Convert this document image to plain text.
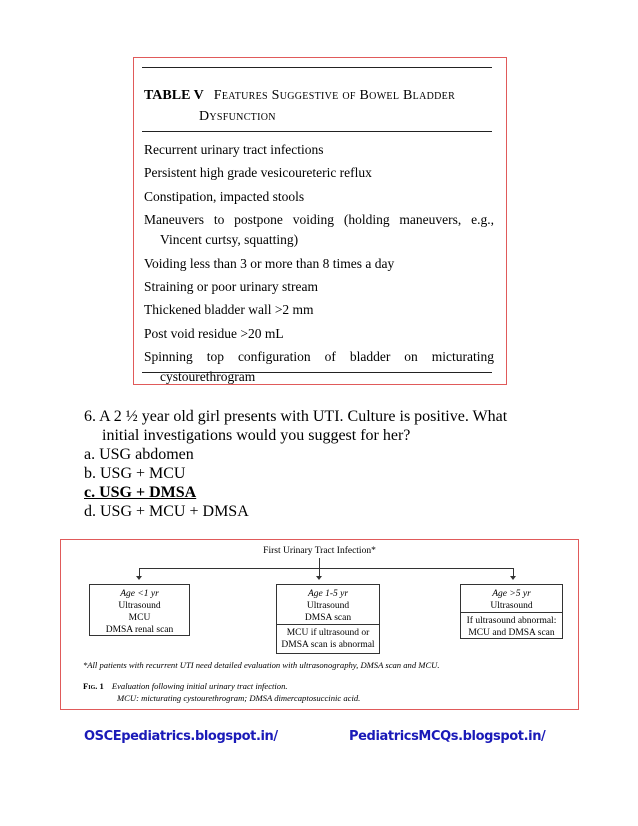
TABLE V Features Suggestive of Bowel Bladder
Dysfunction
Recurrent urinary tract infections
Persistent high grade vesicoureteric reflux
Constipation, impacted stools
Maneuvers to postpone voiding (holding maneuvers, e.g.,
Vincent curtsy, squatting)
Voiding less than 3 or more than 8 times a day
Straining or poor urinary stream
Thickened bladder wall >2 mm
Post void residue >20 mL
Spinning top configuration of bladder on micturating
cystourethrogram
6. A 2 ½ year old girl presents with UTI. Culture is positive. What
initial investigations would you suggest for her?
a. USG abdomen
b. USG + MCU
c. USG + DMSA
d. USG + MCU + DMSA
First Urinary Tract Infection*
Age <1 yr
Ultrasound
MCU
DMSA renal scan
Age 1-5 yr
Ultrasound
DMSA scan
MCU if ultrasound or
DMSA scan is abnormal
Age >5 yr
Ultrasound
If ultrasound abnormal:
MCU and DMSA scan
*All patients with recurrent UTI need detailed evaluation with ultrasonography, DMSA scan and MCU.
Fig. 1 Evaluation following initial urinary tract infection.
MCU: micturating cystourethrogram; DMSA dimercaptosuccinic acid.
OSCEpediatrics.blogspot.in/	PediatricsMCQs.blogspot.in/
